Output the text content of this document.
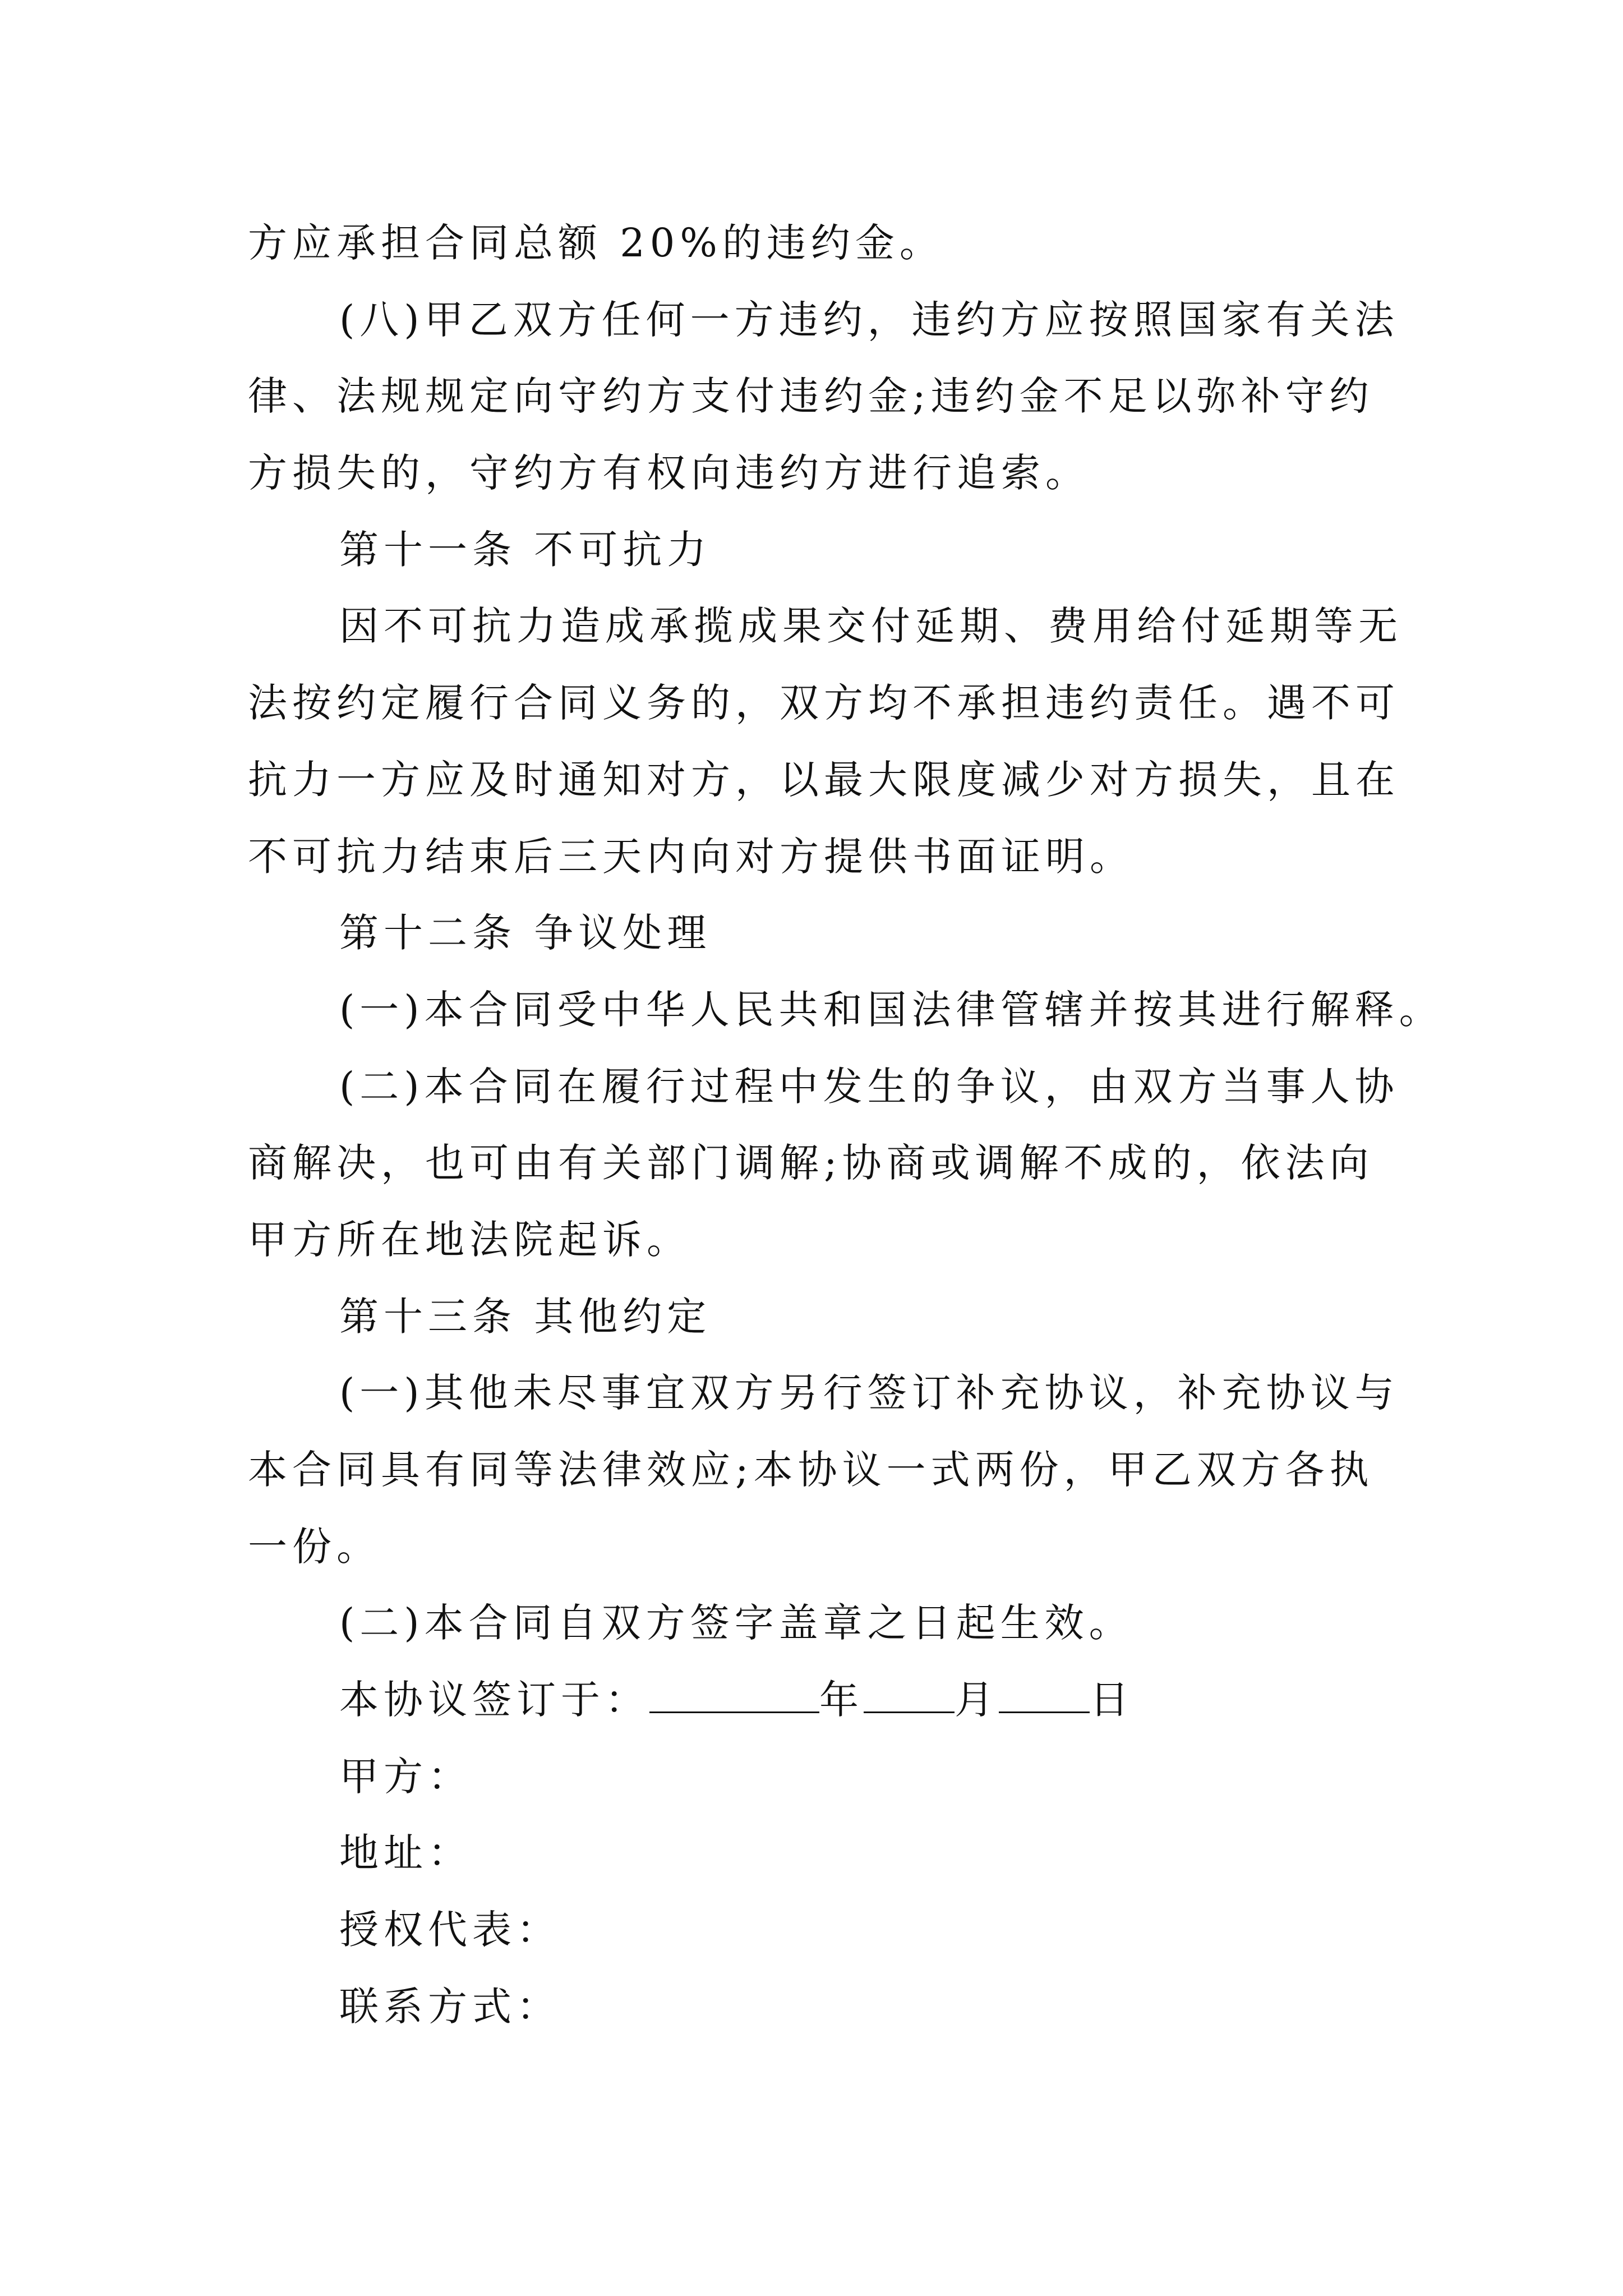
方应承担合同总额 20%的违约金。
(八)甲乙双方任何一方违约，违约方应按照国家有关法
律、法规规定向守约方支付违约金;违约金不足以弥补守约
方损失的，守约方有权向违约方进行追索。
第十一条 不可抗力
因不可抗力造成承揽成果交付延期、费用给付延期等无
法按约定履行合同义务的，双方均不承担违约责任。遇不可
抗力一方应及时通知对方，以最大限度减少对方损失，且在
不可抗力结束后三天内向对方提供书面证明。
第十二条 争议处理
(一)本合同受中华人民共和国法律管辖并按其进行解释。
(二)本合同在履行过程中发生的争议，由双方当事人协
商解决，也可由有关部门调解;协商或调解不成的，依法向
甲方所在地法院起诉。
第十三条 其他约定
(一)其他未尽事宜双方另行签订补充协议，补充协议与
本合同具有同等法律效应;本协议一式两份，甲乙双方各执
一份。
(二)本合同自双方签字盖章之日起生效。
本协议签订于：	年 月 日
甲方：
地址：
授权代表：
联系方式：
